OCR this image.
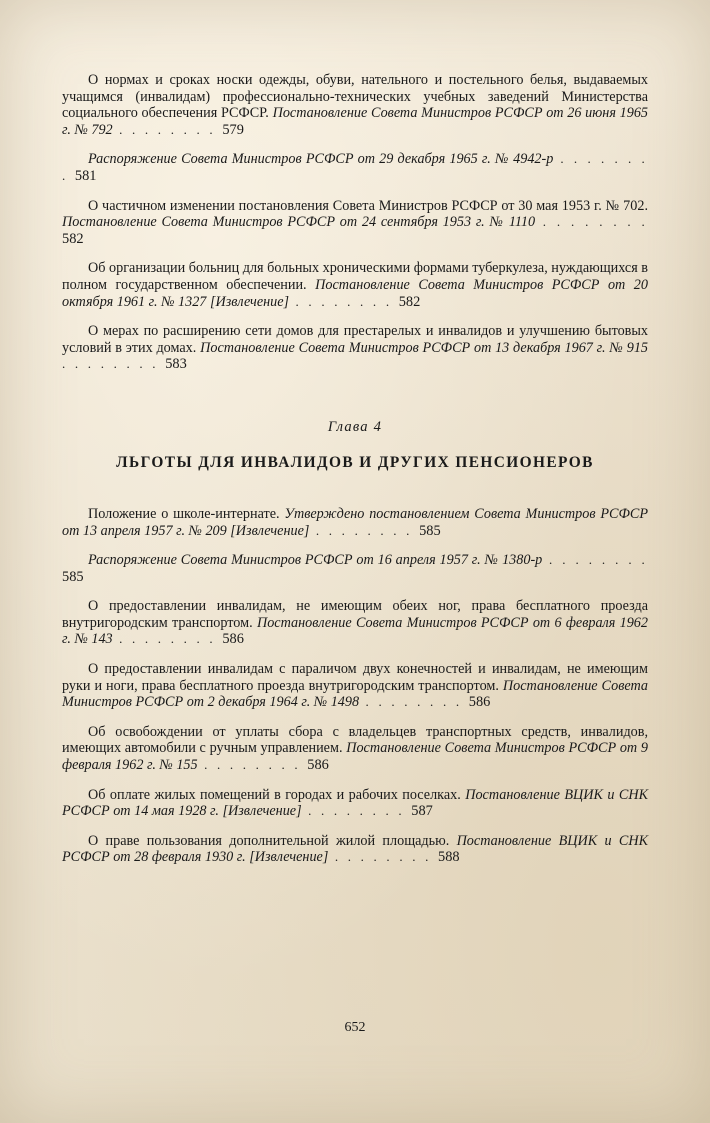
О нормах и сроках носки одежды, обуви, нательного и постельного белья, выдаваемых учащимся (инвалидам) профессионально-технических учебных заведений Министерства социального обеспечения РСФСР. Постановление Совета Министров РСФСР от 26 июня 1965 г. № 792 . . . . . . . . 579
Распоряжение Совета Министров РСФСР от 29 декабря 1965 г. № 4942-р . . . . . . . . 581
О частичном изменении постановления Совета Министров РСФСР от 30 мая 1953 г. № 702. Постановление Совета Министров РСФСР от 24 сентября 1953 г. № 1110 . . . . . . . . 582
Об организации больниц для больных хроническими формами туберкулеза, нуждающихся в полном государственном обеспечении. Постановление Совета Министров РСФСР от 20 октября 1961 г. № 1327 [Извлечение] . . . . . . . . 582
О мерах по расширению сети домов для престарелых и инвалидов и улучшению бытовых условий в этих домах. Постановление Совета Министров РСФСР от 13 декабря 1967 г. № 915 . . . . . . . . 583
Глава 4
ЛЬГОТЫ ДЛЯ ИНВАЛИДОВ И ДРУГИХ ПЕНСИОНЕРОВ
Положение о школе-интернате. Утверждено постановлением Совета Министров РСФСР от 13 апреля 1957 г. № 209 [Извлечение] . . . . . . . . 585
Распоряжение Совета Министров РСФСР от 16 апреля 1957 г. № 1380-р . . . . . . . . 585
О предоставлении инвалидам, не имеющим обеих ног, права бесплатного проезда внутригородским транспортом. Постановление Совета Министров РСФСР от 6 февраля 1962 г. № 143 . . . . . . . . 586
О предоставлении инвалидам с параличом двух конечностей и инвалидам, не имеющим руки и ноги, права бесплатного проезда внутригородским транспортом. Постановление Совета Министров РСФСР от 2 декабря 1964 г. № 1498 . . . . . . . . 586
Об освобождении от уплаты сбора с владельцев транспортных средств, инвалидов, имеющих автомобили с ручным управлением. Постановление Совета Министров РСФСР от 9 февраля 1962 г. № 155 . . . . . . . . 586
Об оплате жилых помещений в городах и рабочих поселках. Постановление ВЦИК и СНК РСФСР от 14 мая 1928 г. [Извлечение] . . . . . . . . 587
О праве пользования дополнительной жилой площадью. Постановление ВЦИК и СНК РСФСР от 28 февраля 1930 г. [Извлечение] . . . . . . . . 588
652
